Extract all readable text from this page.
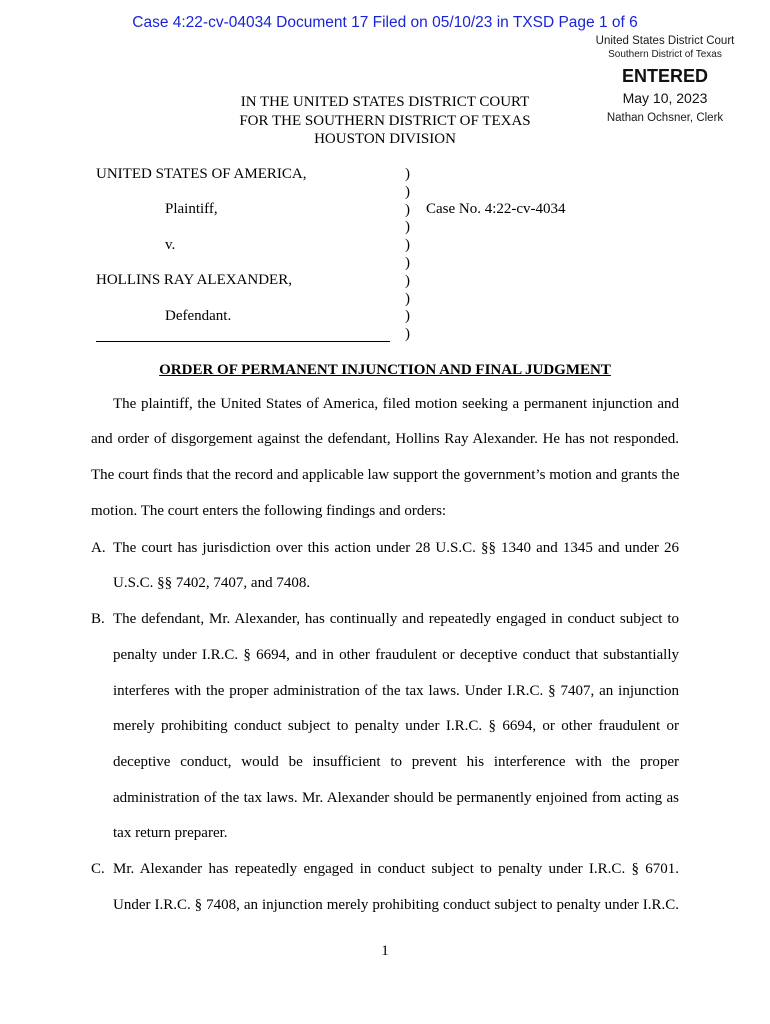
Case 4:22-cv-04034 Document 17 Filed on 05/10/23 in TXSD Page 1 of 6
United States District Court
Southern District of Texas
ENTERED
May 10, 2023
Nathan Ochsner, Clerk
IN THE UNITED STATES DISTRICT COURT
FOR THE SOUTHERN DISTRICT OF TEXAS
HOUSTON DIVISION
UNITED STATES OF AMERICA,
Plaintiff,
v.
HOLLINS RAY ALEXANDER,
Defendant.
Case No. 4:22-cv-4034
)
)
)
)
)
)
)
)
)
)
ORDER OF PERMANENT INJUNCTION AND FINAL JUDGMENT
The plaintiff, the United States of America, filed motion seeking a permanent injunction and
and order of disgorgement against the defendant, Hollins Ray Alexander. He has not responded.
The court finds that the record and applicable law support the government’s motion and grants the
motion. The court enters the following findings and orders:
A. The court has jurisdiction over this action under 28 U.S.C. §§ 1340 and 1345 and under 26
U.S.C. §§ 7402, 7407, and 7408.
B. The defendant, Mr. Alexander, has continually and repeatedly engaged in conduct subject to
penalty under I.R.C. § 6694, and in other fraudulent or deceptive conduct that substantially
interferes with the proper administration of the tax laws. Under I.R.C. § 7407, an injunction
merely prohibiting conduct subject to penalty under I.R.C. § 6694, or other fraudulent or
deceptive conduct, would be insufficient to prevent his interference with the proper
administration of the tax laws. Mr. Alexander should be permanently enjoined from acting as
tax return preparer.
C. Mr. Alexander has repeatedly engaged in conduct subject to penalty under I.R.C. § 6701.
Under I.R.C. § 7408, an injunction merely prohibiting conduct subject to penalty under I.R.C.
1
